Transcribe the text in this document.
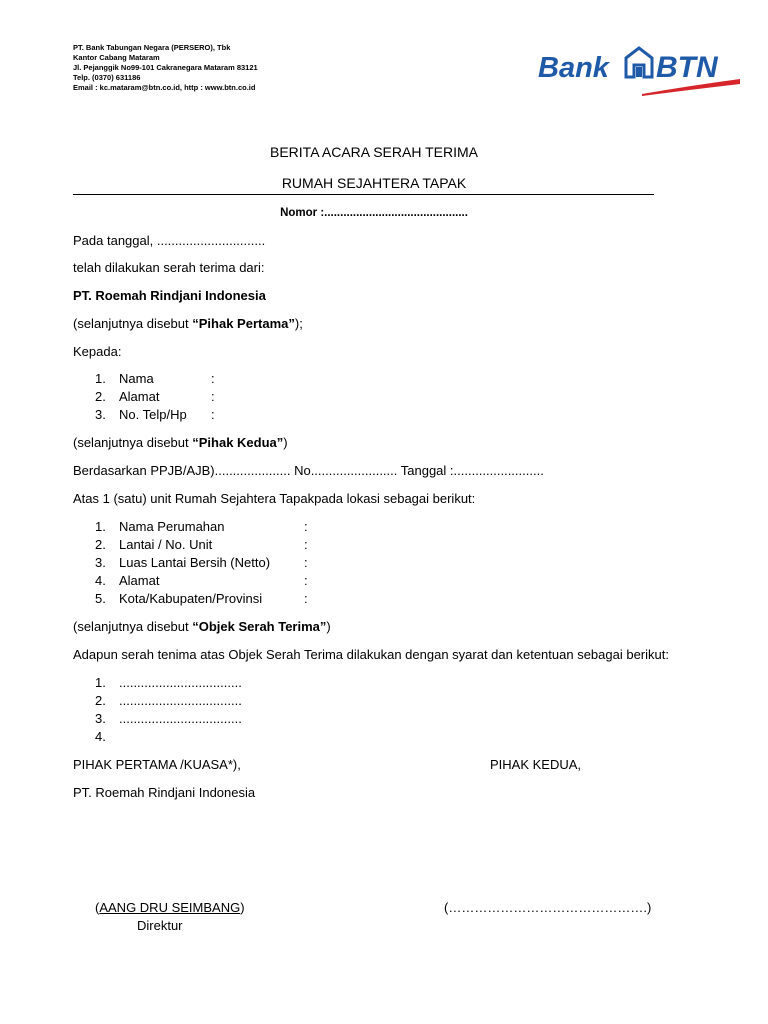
PT. Bank Tabungan Negara (PERSERO), Tbk
Kantor Cabang Mataram
Jl. Pejanggik No99-101 Cakranegara Mataram 83121
Telp. (0370) 631186
Email : kc.mataram@btn.co.id, http : www.btn.co.id
Bank BTN
BERITA ACARA SERAH TERIMA
RUMAH SEJAHTERA TAPAK
Nomor :.............................................
Pada tanggal, ..............................
telah dilakukan serah terima dari:
PT. Roemah Rindjani Indonesia
(selanjutnya disebut “Pihak Pertama”);
Kepada:
1. Nama	:
2. Alamat	:
3. No. Telp/Hp :
(selanjutnya disebut “Pihak Kedua”)
Berdasarkan PPJB/AJB)..................... No........................ Tanggal :.........................
Atas 1 (satu) unit Rumah Sejahtera Tapakpada lokasi sebagai berikut:
1. Nama Perumahan	:
2. Lantai / No. Unit	:
3. Luas Lantai Bersih (Netto)	:
4. Alamat	:
5. Kota/Kabupaten/Provinsi	:
(selanjutnya disebut “Objek Serah Terima”)
Adapun serah tenima atas Objek Serah Terima dilakukan dengan syarat dan ketentuan sebagai berikut:
1. ..................................
2. ..................................
3. ..................................
4.
PIHAK PERTAMA /KUASA*),	PIHAK KEDUA,
PT. Roemah Rindjani Indonesia
(AANG DRU SEIMBANG)
Direktur
(……………………………………….)
